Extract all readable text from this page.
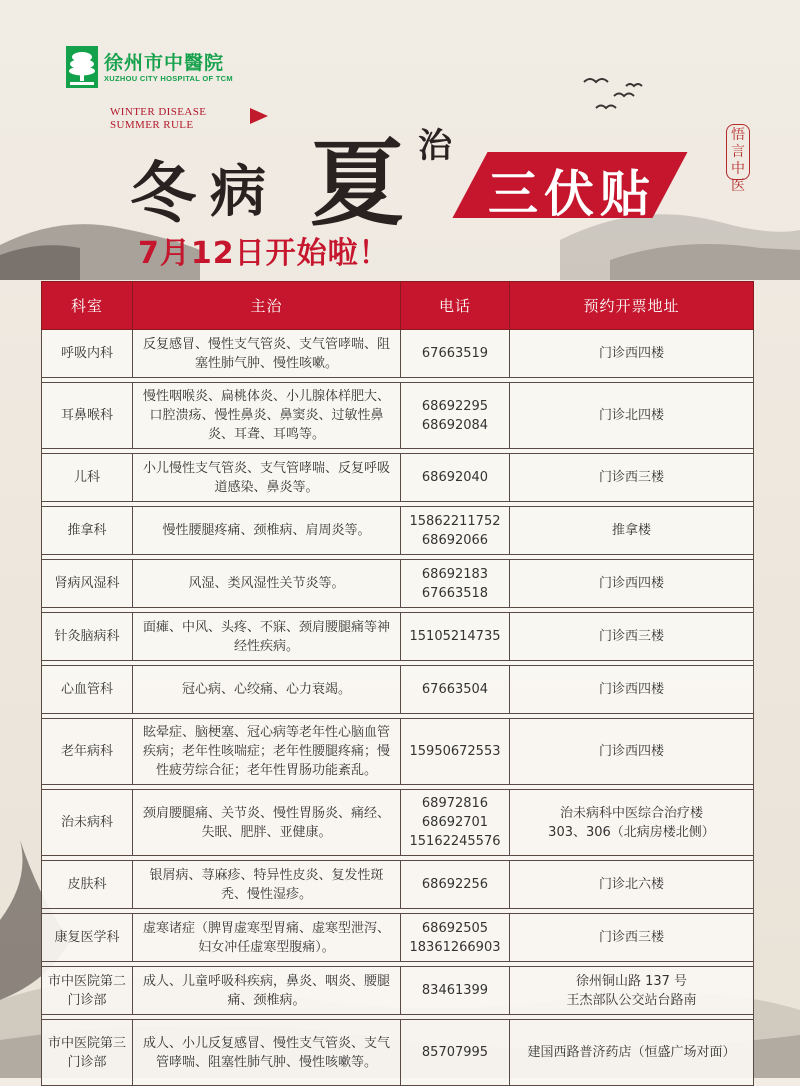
徐州市中醫院
XUZHOU CITY HOSPITAL OF TCM
WINTER DISEASE
SUMMER RULE
冬 病 夏 治
三伏贴
7月12日开始啦！
悟言中医
科室	主治	电话	预约开票地址
呼吸内科	反复感冒、慢性支气管炎、支气管哮喘、阻塞性肺气肿、慢性咳嗽。	67663519	门诊西四楼

耳鼻喉科	慢性咽喉炎、扁桃体炎、小儿腺体样肥大、口腔溃疡、慢性鼻炎、鼻窦炎、过敏性鼻炎、耳聋、耳鸣等。	68692295
68692084	门诊北四楼

儿科	小儿慢性支气管炎、支气管哮喘、反复呼吸道感染、鼻炎等。	68692040	门诊西三楼

推拿科	慢性腰腿疼痛、颈椎病、肩周炎等。	15862211752
68692066	推拿楼

肾病风湿科	风湿、类风湿性关节炎等。	68692183
67663518	门诊西四楼

针灸脑病科	面瘫、中风、头疼、不寐、颈肩腰腿痛等神经性疾病。	15105214735	门诊西三楼

心血管科	冠心病、心绞痛、心力衰竭。	67663504	门诊西四楼

老年病科	眩晕症、脑梗塞、冠心病等老年性心脑血管疾病；老年性咳喘症；老年性腰腿疼痛；慢性疲劳综合征；老年性胃肠功能紊乱。	15950672553	门诊西四楼

治未病科	颈肩腰腿痛、关节炎、慢性胃肠炎、痛经、失眠、肥胖、亚健康。	68972816
68692701
15162245576	治未病科中医综合治疗楼
303、306（北病房楼北侧）

皮肤科	银屑病、荨麻疹、特异性皮炎、复发性斑秃、慢性湿疹。	68692256	门诊北六楼

康复医学科	虚寒诸症（脾胃虚寒型胃痛、虚寒型泄泻、妇女冲任虚寒型腹痛）。	68692505
18361266903	门诊西三楼

市中医院第二门诊部	成人、儿童呼吸科疾病，鼻炎、咽炎、腰腿痛、颈椎病。	83461399	徐州铜山路 137 号
王杰部队公交站台路南

市中医院第三门诊部	成人、小儿反复感冒、慢性支气管炎、支气管哮喘、阻塞性肺气肿、慢性咳嗽等。	85707995	建国西路普济药店（恒盛广场对面）
